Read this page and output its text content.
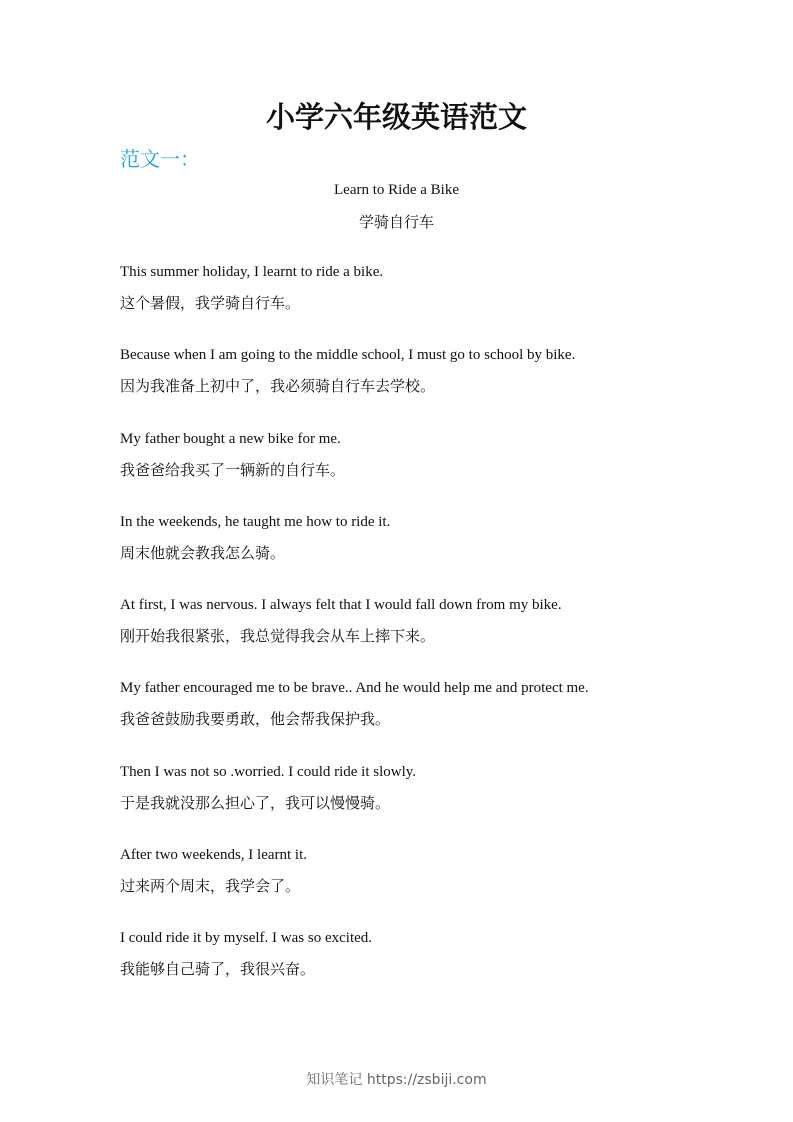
小学六年级英语范文
范文一：
Learn to Ride a Bike
学骑自行车
This summer holiday, I learnt to ride a bike.
这个暑假，我学骑自行车。
Because when I am going to the middle school, I must go to school by bike.
因为我准备上初中了，我必须骑自行车去学校。
My father bought a new bike for me.
我爸爸给我买了一辆新的自行车。
In the weekends, he taught me how to ride it.
周末他就会教我怎么骑。
At first, I was nervous. I always felt that I would fall down from my bike.
刚开始我很紧张，我总觉得我会从车上摔下来。
My father encouraged me to be brave.. And he would help me and protect me.
我爸爸鼓励我要勇敢，他会帮我保护我。
Then I was not so .worried. I could ride it slowly.
于是我就没那么担心了，我可以慢慢骑。
After two weekends, I learnt it.
过来两个周末，我学会了。
I could ride it by myself. I was so excited.
我能够自己骑了，我很兴奋。
知识笔记 https://zsbiji.com
